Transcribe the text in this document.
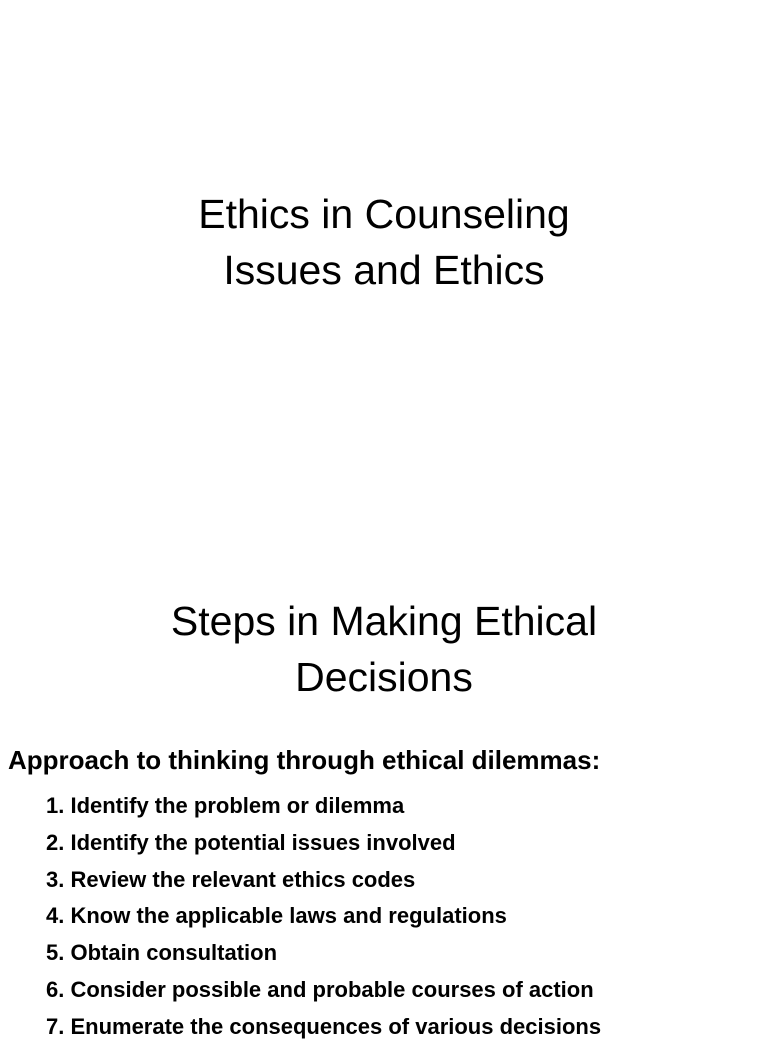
Ethics in Counseling
Issues and Ethics
Steps in Making Ethical
Decisions

Approach to thinking through ethical dilemmas:

1. Identify the problem or dilemma
2. Identify the potential issues involved
3. Review the relevant ethics codes
4. Know the applicable laws and regulations
5. Obtain consultation
6. Consider possible and probable courses of action
7. Enumerate the consequences of various decisions
